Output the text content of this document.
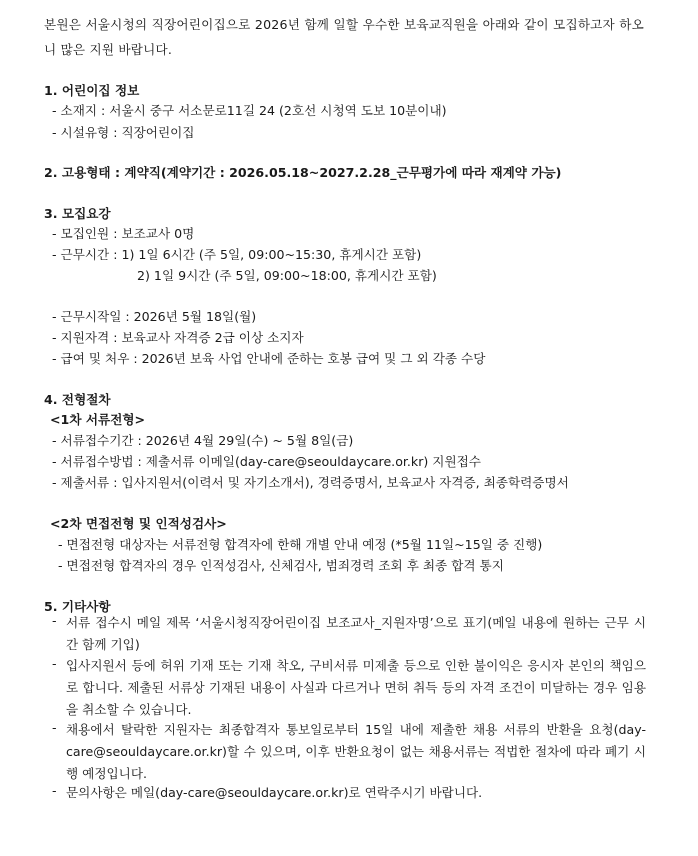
본원은 서울시청의 직장어린이집으로 2026년 함께 일할 우수한 보육교직원을 아래와 같이 모집하고자 하오니 많은 지원 바랍니다.
1. 어린이집 정보
- 소재지 : 서울시 중구 서소문로11길 24 (2호선 시청역 도보 10분이내)
- 시설유형 : 직장어린이집
2. 고용형태 : 계약직(계약기간 : 2026.05.18~2027.2.28_근무평가에 따라 재계약 가능)
3. 모집요강
- 모집인원 : 보조교사 0명
- 근무시간 : 1) 1일 6시간 (주 5일, 09:00~15:30, 휴게시간 포함)
2) 1일 9시간 (주 5일, 09:00~18:00, 휴게시간 포함)
- 근무시작일 : 2026년 5월 18일(월)
- 지원자격 : 보육교사 자격증 2급 이상 소지자
- 급여 및 처우 : 2026년 보육 사업 안내에 준하는 호봉 급여 및 그 외 각종 수당
4. 전형절차
<1차 서류전형>
- 서류접수기간 : 2026년 4월 29일(수) ~ 5월 8일(금)
- 서류접수방법 : 제출서류 이메일(day-care@seouldaycare.or.kr) 지원접수
- 제출서류 : 입사지원서(이력서 및 자기소개서), 경력증명서, 보육교사 자격증, 최종학력증명서
<2차 면접전형 및 인적성검사>
- 면접전형 대상자는 서류전형 합격자에 한해 개별 안내 예정 (*5월 11일~15일 중 진행)
- 면접전형 합격자의 경우 인적성검사, 신체검사, 범죄경력 조회 후 최종 합격 통지
5. 기타사항
- 서류 접수시 메일 제목 ‘서울시청직장어린이집 보조교사_지원자명’으로 표기(메일 내용에 원하는 근무 시간 함께 기입)
- 입사지원서 등에 허위 기재 또는 기재 착오, 구비서류 미제출 등으로 인한 불이익은 응시자 본인의 책임으로 합니다. 제출된 서류상 기재된 내용이 사실과 다르거나 면허 취득 등의 자격 조건이 미달하는 경우 임용을 취소할 수 있습니다.
- 채용에서 탈락한 지원자는 최종합격자 통보일로부터 15일 내에 제출한 채용 서류의 반환을 요청(day-care@seouldaycare.or.kr)할 수 있으며, 이후 반환요청이 없는 채용서류는 적법한 절차에 따라 폐기 시행 예정입니다.
- 문의사항은 메일(day-care@seouldaycare.or.kr)로 연락주시기 바랍니다.
